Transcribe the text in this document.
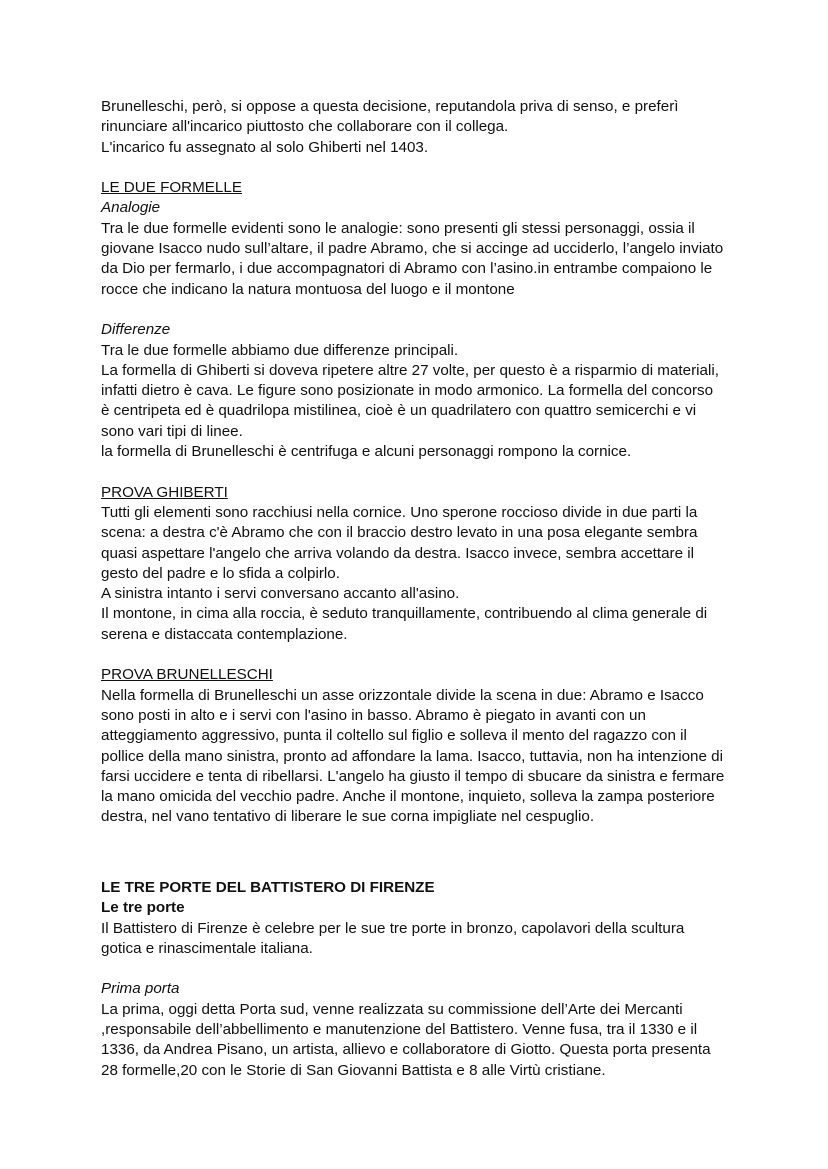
Brunelleschi, però, si oppose a questa decisione, reputandola priva di senso, e preferì

rinunciare all'incarico piuttosto che collaborare con il collega.

L'incarico fu assegnato al solo Ghiberti nel 1403.

LE DUE FORMELLE

Analogie

Tra le due formelle evidenti sono le analogie: sono presenti gli stessi personaggi, ossia il

giovane Isacco nudo sull’altare, il padre Abramo, che si accinge ad ucciderlo, l’angelo inviato

da Dio per fermarlo, i due accompagnatori di Abramo con l’asino.in entrambe compaiono le

rocce che indicano la natura montuosa del luogo e il montone

Differenze

Tra le due formelle abbiamo due differenze principali.

La formella di Ghiberti si doveva ripetere altre 27 volte, per questo è a risparmio di materiali,

infatti dietro è cava. Le figure sono posizionate in modo armonico. La formella del concorso

è centripeta ed è quadrilopa mistilinea, cioè è un quadrilatero con quattro semicerchi e vi

sono vari tipi di linee.

la formella di Brunelleschi è centrifuga e alcuni personaggi rompono la cornice.

PROVA GHIBERTI

Tutti gli elementi sono racchiusi nella cornice. Uno sperone roccioso divide in due parti la

scena: a destra c'è Abramo che con il braccio destro levato in una posa elegante sembra

quasi aspettare l'angelo che arriva volando da destra. Isacco invece, sembra accettare il

gesto del padre e lo sfida a colpirlo.

A sinistra intanto i servi conversano accanto all'asino.

Il montone, in cima alla roccia, è seduto tranquillamente, contribuendo al clima generale di

serena e distaccata contemplazione.

PROVA BRUNELLESCHI

Nella formella di Brunelleschi un asse orizzontale divide la scena in due: Abramo e Isacco

sono posti in alto e i servi con l'asino in basso. Abramo è piegato in avanti con un

atteggiamento aggressivo, punta il coltello sul figlio e solleva il mento del ragazzo con il

pollice della mano sinistra, pronto ad affondare la lama. Isacco, tuttavia, non ha intenzione di

farsi uccidere e tenta di ribellarsi. L'angelo ha giusto il tempo di sbucare da sinistra e fermare

la mano omicida del vecchio padre. Anche il montone, inquieto, solleva la zampa posteriore

destra, nel vano tentativo di liberare le sue corna impigliate nel cespuglio.

LE TRE PORTE DEL BATTISTERO DI FIRENZE

Le tre porte

Il Battistero di Firenze è celebre per le sue tre porte in bronzo, capolavori della scultura

gotica e rinascimentale italiana.

Prima porta

La prima, oggi detta Porta sud, venne realizzata su commissione dell’Arte dei Mercanti

,responsabile dell’abbellimento e manutenzione del Battistero. Venne fusa, tra il 1330 e il

1336, da Andrea Pisano, un artista, allievo e collaboratore di Giotto. Questa porta presenta

28 formelle,20 con le Storie di San Giovanni Battista e 8 alle Virtù cristiane.
